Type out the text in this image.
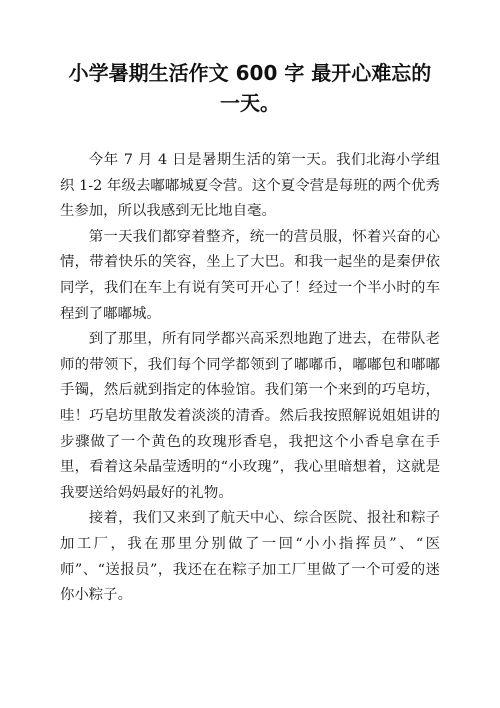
小学暑期生活作文 600 字 最开心难忘的一天。

今年 7 月 4 日是暑期生活的第一天。我们北海小学组织 1-2 年级去嘟嘟城夏令营。这个夏令营是每班的两个优秀生参加，所以我感到无比地自毫。

第一天我们都穿着整齐，统一的营员服，怀着兴奋的心情，带着快乐的笑容，坐上了大巴。和我一起坐的是秦伊依同学，我们在车上有说有笑可开心了！经过一个半小时的车程到了嘟嘟城。

到了那里，所有同学都兴高采烈地跑了进去，在带队老师的带领下，我们每个同学都领到了嘟嘟币，嘟嘟包和嘟嘟手镯，然后就到指定的体验馆。我们第一个来到的巧皂坊，哇！巧皂坊里散发着淡淡的清香。然后我按照解说姐姐讲的步骤做了一个黄色的玫瑰形香皂，我把这个小香皂拿在手里，看着这朵晶莹透明的“小玫瑰”，我心里暗想着，这就是我要送给妈妈最好的礼物。

接着，我们又来到了航天中心、综合医院、报社和粽子加工厂，我在那里分别做了一回“小小指挥员”、“医师”、“送报员”，我还在在粽子加工厂里做了一个可爱的迷你小粽子。
